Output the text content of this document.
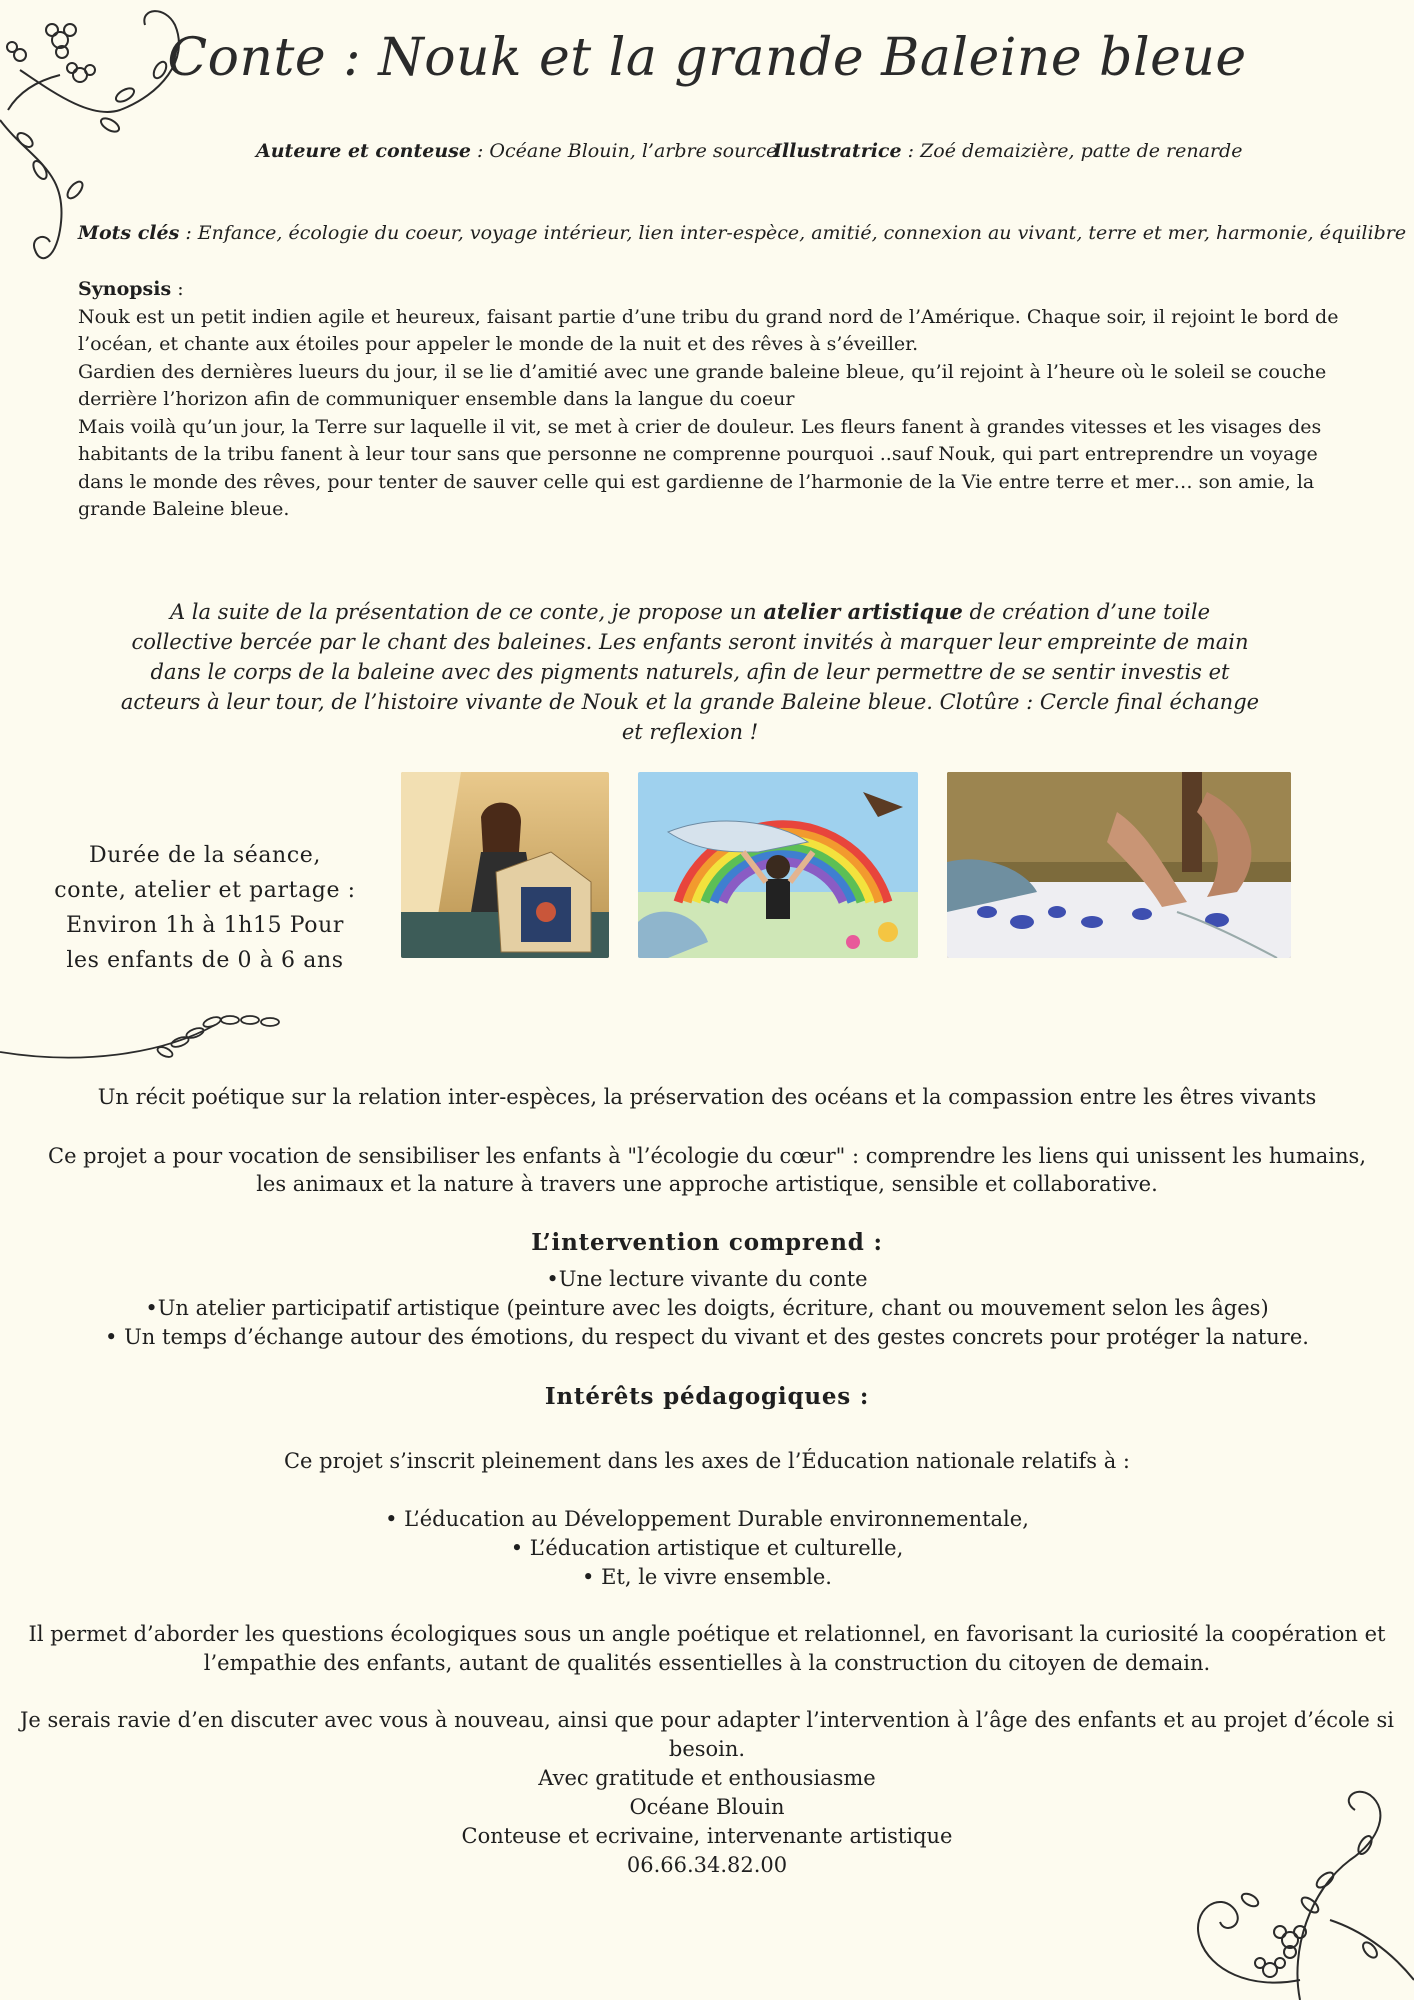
Conte : Nouk et la grande Baleine bleue
Auteure et conteuse : Océane Blouin, l’arbre source
Illustratrice : Zoé demaizière, patte de renarde
Mots clés : Enfance, écologie du coeur, voyage intérieur, lien inter-espèce, amitié, connexion au vivant, terre et mer, harmonie, équilibre

Synopsis :

Nouk est un petit indien agile et heureux, faisant partie d’une tribu du grand nord de l’Amérique. Chaque soir, il rejoint le bord de l’océan, et chante aux étoiles pour appeler le monde de la nuit et des rêves à s’éveiller.

Gardien des dernières lueurs du jour, il se lie d’amitié avec une grande baleine bleue, qu’il rejoint à l’heure où le soleil se couche derrière l’horizon afin de communiquer ensemble dans la langue du coeur

Mais voilà qu’un jour, la Terre sur laquelle il vit, se met à crier de douleur. Les fleurs fanent à grandes vitesses et les visages des habitants de la tribu fanent à leur tour sans que personne ne comprenne pourquoi ..sauf Nouk, qui part entreprendre un voyage dans le monde des rêves, pour tenter de sauver celle qui est gardienne de l’harmonie de la Vie entre terre et mer… son amie, la grande Baleine bleue.

A la suite de la présentation de ce conte, je propose un atelier artistique de création d’une toile collective bercée par le chant des baleines. Les enfants seront invités à marquer leur empreinte de main dans le corps de la baleine avec des pigments naturels, afin de leur permettre de se sentir investis et acteurs à leur tour, de l’histoire vivante de Nouk et la grande Baleine bleue. Clotûre : Cercle final échange et reflexion !
Durée de la séance,
conte, atelier et partage :
Environ 1h à 1h15 Pour
les enfants de 0 à 6 ans
Un récit poétique sur la relation inter-espèces, la préservation des océans et la compassion entre les êtres vivants
Ce projet a pour vocation de sensibiliser les enfants à "l’écologie du cœur" : comprendre les liens qui unissent les humains,
les animaux et la nature à travers une approche artistique, sensible et collaborative.
L’intervention comprend :
•Une lecture vivante du conte
•Un atelier participatif artistique (peinture avec les doigts, écriture, chant ou mouvement selon les âges)
• Un temps d’échange autour des émotions, du respect du vivant et des gestes concrets pour protéger la nature.
Intérêts pédagogiques :
Ce projet s’inscrit pleinement dans les axes de l’Éducation nationale relatifs à :
• L’éducation au Développement Durable environnementale,
• L’éducation artistique et culturelle,
• Et, le vivre ensemble.
Il permet d’aborder les questions écologiques sous un angle poétique et relationnel, en favorisant la curiosité la coopération et
l’empathie des enfants, autant de qualités essentielles à la construction du citoyen de demain.
Je serais ravie d’en discuter avec vous à nouveau, ainsi que pour adapter l’intervention à l’âge des enfants et au projet d’école si besoin.
Avec gratitude et enthousiasme
Océane Blouin
Conteuse et ecrivaine, intervenante artistique
06.66.34.82.00
